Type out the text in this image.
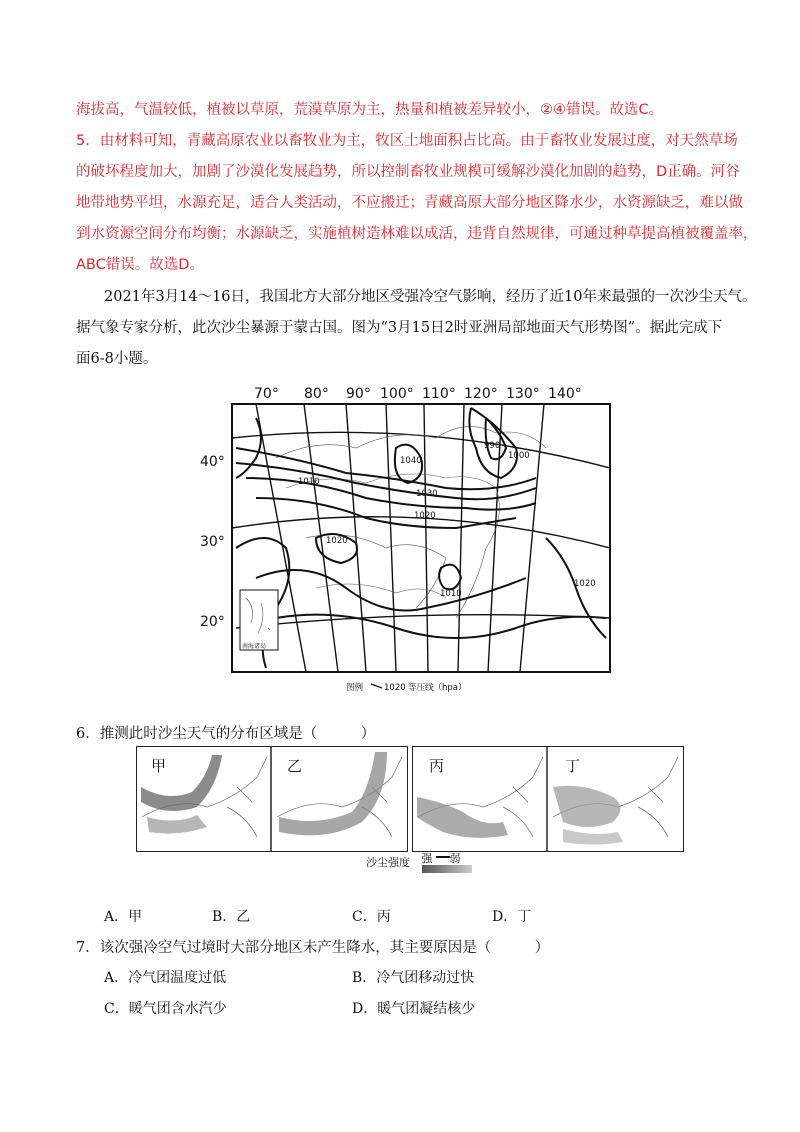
海拔高，气温较低，植被以草原，荒漠草原为主，热量和植被差异较小，②④错误。故选C。
5．由材料可知，青藏高原农业以畜牧业为主，牧区土地面积占比高。由于畜牧业发展过度，对天然草场
的破坏程度加大，加剧了沙漠化发展趋势，所以控制畜牧业规模可缓解沙漠化加剧的趋势，D正确。河谷
地带地势平坦，水源充足，适合人类活动，不应搬迁；青藏高原大部分地区降水少，水资源缺乏，难以做
到水资源空间分布均衡；水源缺乏，实施植树造林难以成活，违背自然规律，可通过种草提高植被覆盖率，
ABC错误。故选D。
2021年3月14～16日，我国北方大部分地区受强冷空气影响，经历了近10年来最强的一次沙尘天气。
据气象专家分析，此次沙尘暴源于蒙古国。图为“3月15日2时亚洲局部地面天气形势图”。据此完成下
面6-8小题。
70° 80° 90° 100° 110° 120° 130° 140°
40°
30°
20°
1040
1010
1030
1020
990
1000
1020
1010
1020
南海诸岛
图例 1020 等压线（hpa）
6．推测此时沙尘天气的分布区域是（　　　）
甲	乙	丙	丁
沙尘强度 强 弱
A．甲	B．乙	C．丙	D．丁
7．该次强冷空气过境时大部分地区未产生降水，其主要原因是（　　　）
A．冷气团温度过低	B．冷气团移动过快
C．暖气团含水汽少	D．暖气团凝结核少
